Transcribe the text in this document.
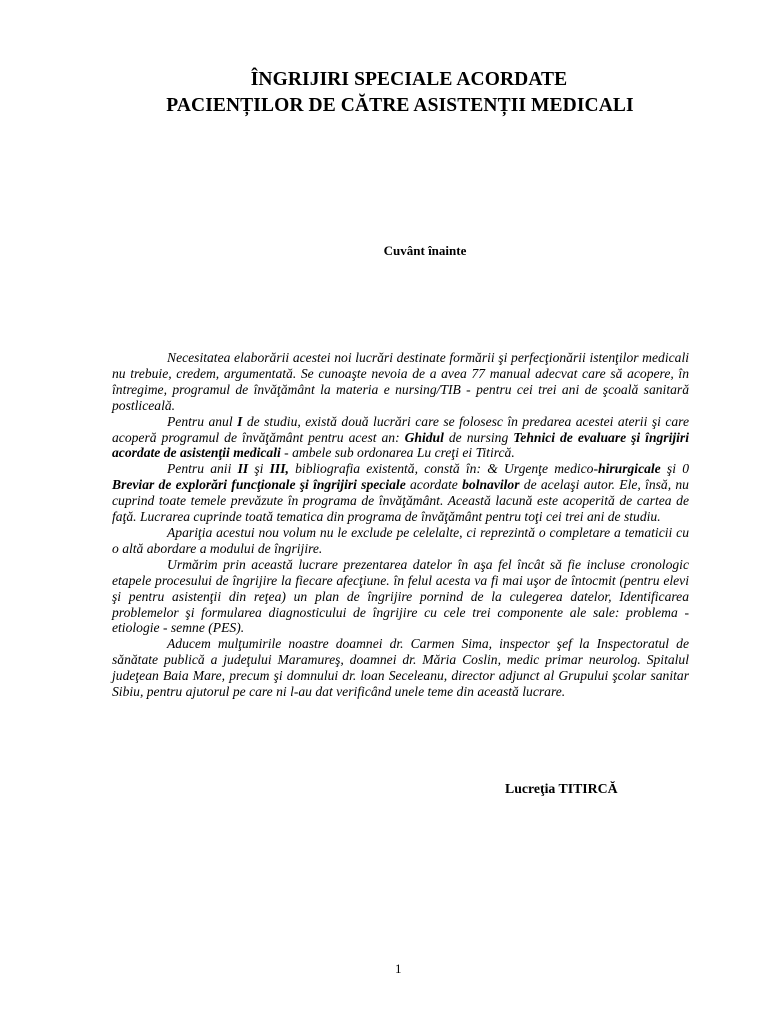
ÎNGRIJIRI SPECIALE ACORDATE
PACIENȚILOR DE CĂTRE ASISTENȚII MEDICALI
Cuvânt înainte

Necesitatea elaborării acestei noi lucrări destinate formării şi perfecţionării istenţilor medicali nu trebuie, credem, argumentată. Se cunoaşte nevoia de a avea 77 manual adecvat care să acopere, în întregime, programul de învăţământ la materia e nursing/TIB - pentru cei trei ani de şcoală sanitară postliceală.

Pentru anul I de studiu, există două lucrări care se folosesc în predarea acestei aterii şi care acoperă programul de învăţământ pentru acest an: Ghidul de nursing Tehnici de evaluare şi îngrijiri acordate de asistenţii medicali - ambele sub ordonarea Lu creţi ei Titircă.

Pentru anii II şi III, bibliografia existentă, constă în: & Urgenţe medico-hirurgicale şi 0 Breviar de explorări funcţionale şi îngrijiri speciale acordate bolnavilor de acelaşi autor. Ele, însă, nu cuprind toate temele prevăzute în programa de învăţământ. Această lacună este acoperită de cartea de faţă. Lucrarea cuprinde toată tematica din programa de învăţământ pentru toţi cei trei ani de studiu.

Apariţia acestui nou volum nu le exclude pe celelalte, ci reprezintă o completare a tematicii cu o altă abordare a modului de îngrijire.

Urmărim prin această lucrare prezentarea datelor în aşa fel încât să fie incluse cronologic etapele procesului de îngrijire la fiecare afecţiune. în felul acesta va fi mai uşor de întocmit (pentru elevi şi pentru asistenţii din reţea) un plan de îngrijire pornind de la culegerea datelor, Identificarea problemelor şi formularea diagnosticului de îngrijire cu cele trei componente ale sale: problema - etiologie - semne (PES).

Aducem mulţumirile noastre doamnei dr. Carmen Sima, inspector şef la Inspectoratul de sănătate publică a judeţului Maramureş, doamnei dr. Măria Coslin, medic primar neurolog. Spitalul judeţean Baia Mare, precum şi domnului dr. loan Seceleanu, director adjunct al Grupului şcolar sanitar Sibiu, pentru ajutorul pe care ni l-au dat verificând unele teme din această lucrare.

Lucreţia TITIRCĂ
1
